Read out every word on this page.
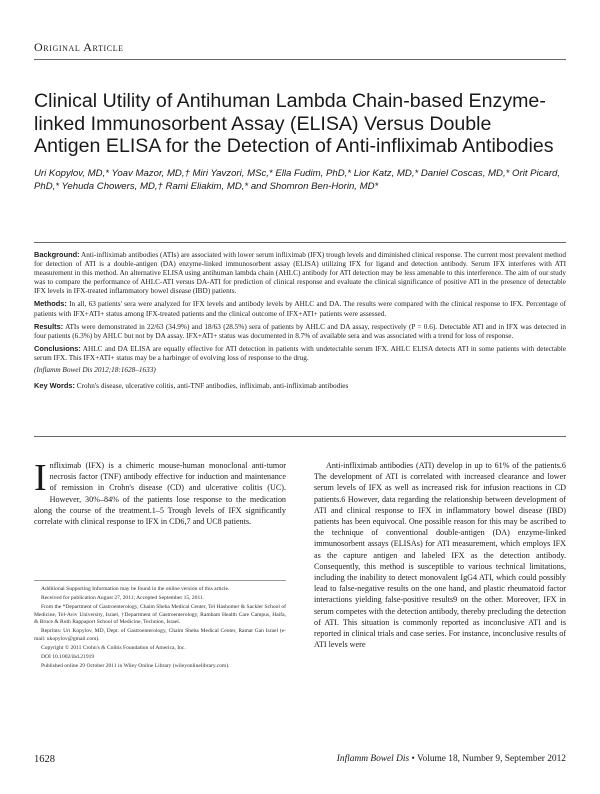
Original Article
Clinical Utility of Antihuman Lambda Chain-based Enzyme-linked Immunosorbent Assay (ELISA) Versus Double Antigen ELISA for the Detection of Anti-infliximab Antibodies

Uri Kopylov, MD,* Yoav Mazor, MD,† Miri Yavzori, MSc,* Ella Fudim, PhD,* Lior Katz, MD,* Daniel Coscas, MD,* Orit Picard, PhD,* Yehuda Chowers, MD,† Rami Eliakim, MD,* and Shomron Ben-Horin, MD*

Background: Anti-infliximab antibodies (ATIs) are associated with lower serum infliximab (IFX) trough levels and diminished clinical response. The current most prevalent method for detection of ATI is a double-antigen (DA) enzyme-linked immunosorbent assay (ELISA) utilizing IFX for ligand and detection antibody. Serum IFX interferes with ATI measurement in this method. An alternative ELISA using antihuman lambda chain (AHLC) antibody for ATI detection may be less amenable to this interference. The aim of our study was to compare the performance of AHLC-ATI versus DA-ATI for prediction of clinical response and evaluate the clinical significance of positive ATI in the presence of detectable IFX levels in IFX-treated inflammatory bowel disease (IBD) patients.

Methods: In all, 63 patients' sera were analyzed for IFX levels and antibody levels by AHLC and DA. The results were compared with the clinical response to IFX. Percentage of patients with IFX+ATI+ status among IFX-treated patients and the clinical outcome of IFX+ATI+ patients were assessed.

Results: ATIs were demonstrated in 22/63 (34.9%) and 18/63 (28.5%) sera of patients by AHLC and DA assay, respectively (P = 0.6). Detectable ATI and in IFX was detected in four patients (6.3%) by AHLC but not by DA assay. IFX+ATI+ status was documented in 8.7% of available sera and was associated with a trend for loss of response.

Conclusions: AHLC and DA ELISA are equally effective for ATI detection in patients with undetectable serum IFX. AHLC ELISA detects ATI in some patients with detectable serum IFX. This IFX+ATI+ status may be a harbinger of evolving loss of response to the drug.

(Inflamm Bowel Dis 2012;18:1628–1633)

Key Words: Crohn's disease, ulcerative colitis, anti-TNF antibodies, infliximab, anti-infliximab antibodies

Infliximab (IFX) is a chimeric mouse-human monoclonal anti-tumor necrosis factor (TNF) antibody effective for induction and maintenance of remission in Crohn's disease (CD) and ulcerative colitis (UC). However, 30%–84% of the patients lose response to the medication along the course of the treatment.1–5 Trough levels of IFX significantly correlate with clinical response to IFX in CD6,7 and UC8 patients.

Additional Supporting Information may be found in the online version of this article.

Received for publication August 27, 2011; Accepted September 15, 2011.

From the *Department of Gastroenterology, Chaim Sheba Medical Center, Tel Hashomer & Sackler School of Medicine, Tel-Aviv University, Israel, †Department of Gastroenterology, Rambam Health Care Campus, Haifa, & Bruce & Ruth Rappaport School of Medicine, Technion, Israel.

Reprints: Uri Kopylov, MD, Dept. of Gastroenterology, Chaim Sheba Medical Center, Ramat Gan Israel (e-mail: ukopylov@gmail.com).

Copyright © 2011 Crohn's & Colitis Foundation of America, Inc.

DOI 10.1002/ibd.21919

Published online 29 October 2011 in Wiley Online Library (wileyonlinelibrary.com).

Anti-infliximab antibodies (ATI) develop in up to 61% of the patients.6 The development of ATI is correlated with increased clearance and lower serum levels of IFX as well as increased risk for infusion reactions in CD patients.6 However, data regarding the relationship between development of ATI and clinical response to IFX in inflammatory bowel disease (IBD) patients has been equivocal. One possible reason for this may be ascribed to the technique of conventional double-antigen (DA) enzyme-linked immunosorbent assays (ELISAs) for ATI measurement, which employs IFX as the capture antigen and labeled IFX as the detection antibody. Consequently, this method is susceptible to various technical limitations, including the inability to detect monovalent IgG4 ATI, which could possibly lead to false-negative results on the one hand, and plastic rheumatoid factor interactions yielding false-positive results9 on the other. Moreover, IFX in serum competes with the detection antibody, thereby precluding the detection of ATI. This situation is commonly reported as inconclusive ATI and is reported in clinical trials and case series. For instance, inconclusive results of ATI levels were

1628	Inflamm Bowel Dis • Volume 18, Number 9, September 2012
